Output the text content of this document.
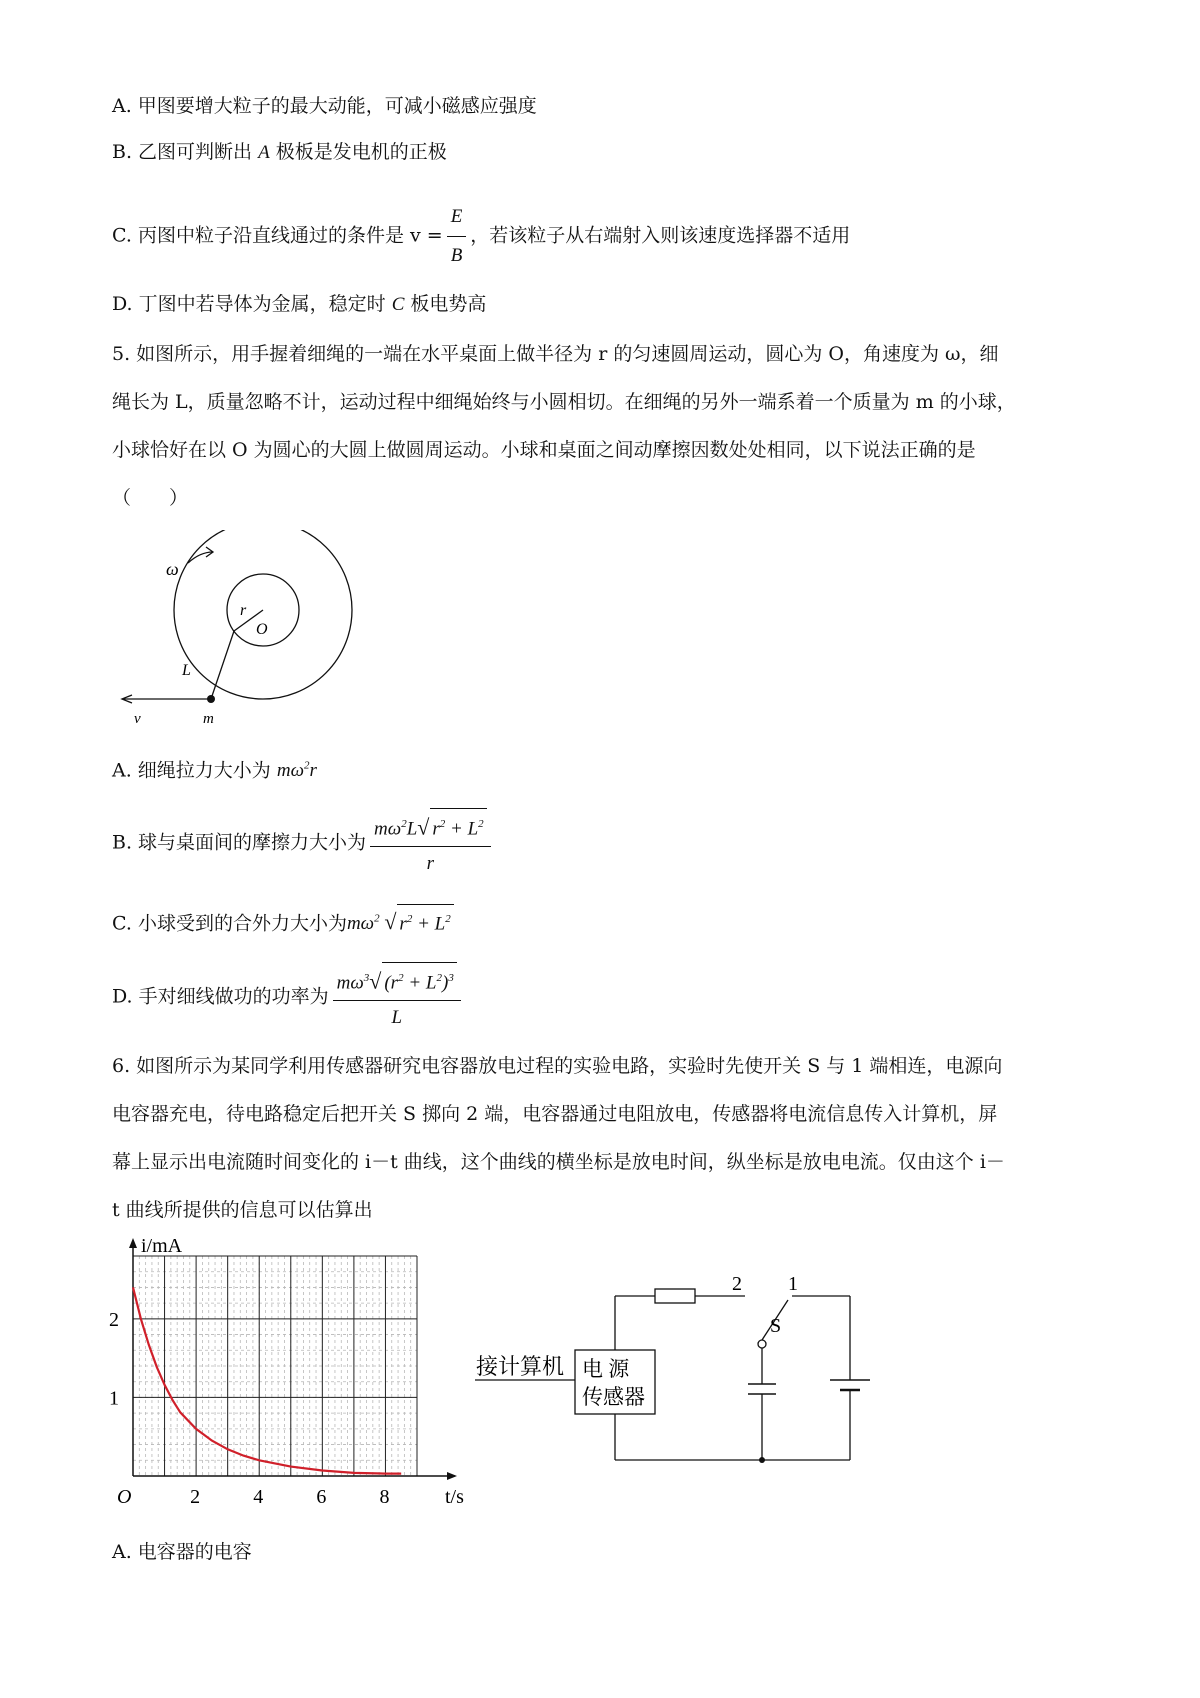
A. 甲图要增大粒子的最大动能，可减小磁感应强度
B. 乙图可判断出 A 极板是发电机的正极
C. 丙图中粒子沿直线通过的条件是 $v = \frac{E}{B}$ ，若该粒子从右端射入则该速度选择器不适用
D. 丁图中若导体为金属，稳定时 C 板电势高
5. 如图所示，用手握着细绳的一端在水平桌面上做半径为 r 的匀速圆周运动，圆心为 O，角速度为 ω，细
绳长为 L，质量忽略不计，运动过程中细绳始终与小圆相切。在细绳的另外一端系着一个质量为 m 的小球，
小球恰好在以 O 为圆心的大圆上做圆周运动。小球和桌面之间动摩擦因数处处相同，以下说法正确的是
（　　）
ω
r
O
L
v	m
A. 细绳拉力大小为 $m\omega^2r$
B. 球与桌面间的摩擦力大小为 $\frac{m\omega^2L√ r^2 + L^2}{r}$
C. 小球受到的合外力大小为$m\omega^2$ √ $r^2 + L^2$
D. 手对细线做功的功率为 $\frac{m\omega^3√ (r^2 + L^2)^3}{L}$
6. 如图所示为某同学利用传感器研究电容器放电过程的实验电路，实验时先使开关 S 与 1 端相连，电源向
电容器充电，待电路稳定后把开关 S 掷向 2 端，电容器通过电阻放电，传感器将电流信息传入计算机，屏
幕上显示出电流随时间变化的 i－t 曲线，这个曲线的横坐标是放电时间，纵坐标是放电电流。仅由这个 i－
t 曲线所提供的信息可以估算出
2	4	6	8
1
2
i/mA
t/s
O
接计算机 电 源
传感器
2 1
S
A. 电容器的电容
